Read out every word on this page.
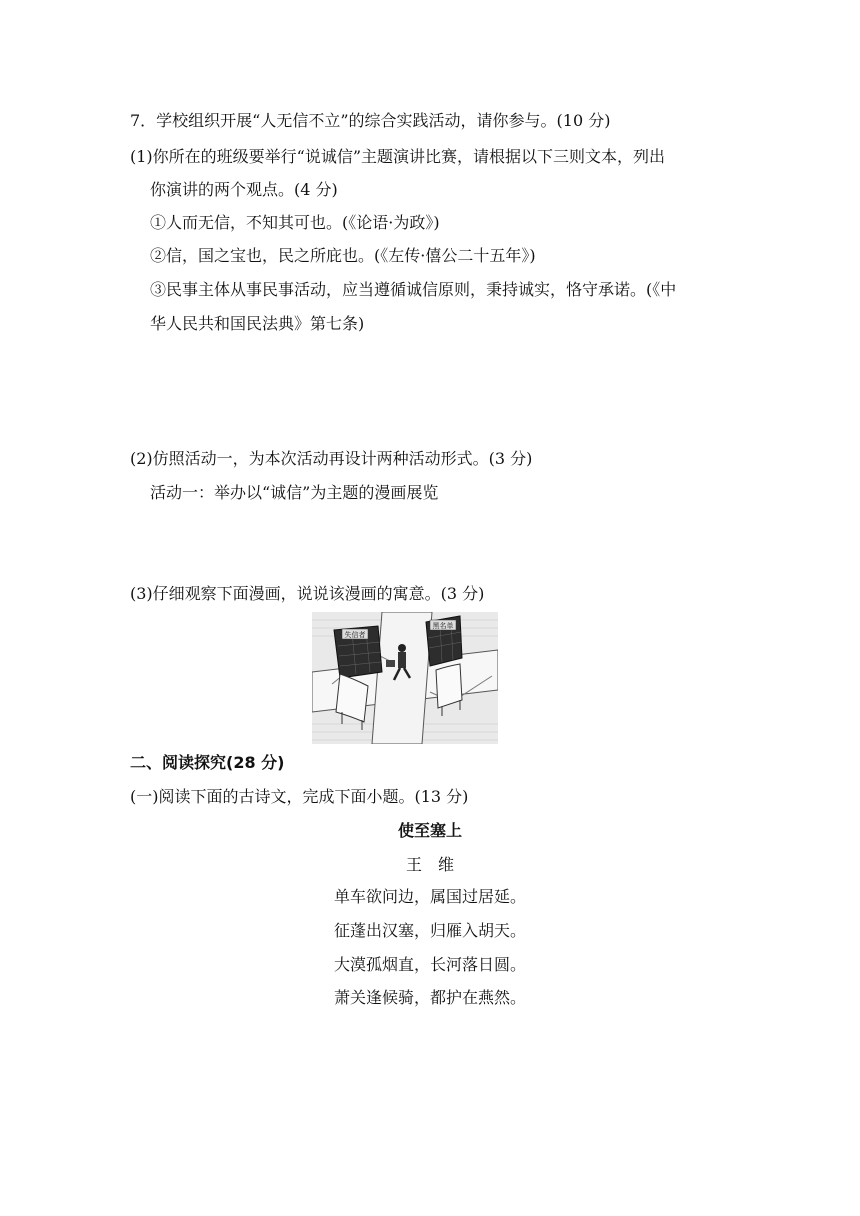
7．学校组织开展“人无信不立”的综合实践活动，请你参与。(10 分)
(1)你所在的班级要举行“说诚信”主题演讲比赛，请根据以下三则文本，列出
你演讲的两个观点。(4 分)
①人而无信，不知其可也。(《论语·为政》)
②信，国之宝也，民之所庇也。(《左传·僖公二十五年》)
③民事主体从事民事活动，应当遵循诚信原则，秉持诚实，恪守承诺。(《中
华人民共和国民法典》第七条)
(2)仿照活动一，为本次活动再设计两种活动形式。(3 分)
活动一：举办以“诚信”为主题的漫画展览
(3)仔细观察下面漫画，说说该漫画的寓意。(3 分)
失信者
黑名单
二、阅读探究(28 分)
(一)阅读下面的古诗文，完成下面小题。(13 分)
使至塞上
王　维
单车欲问边，属国过居延。
征蓬出汉塞，归雁入胡天。
大漠孤烟直，长河落日圆。
萧关逢候骑，都护在燕然。
